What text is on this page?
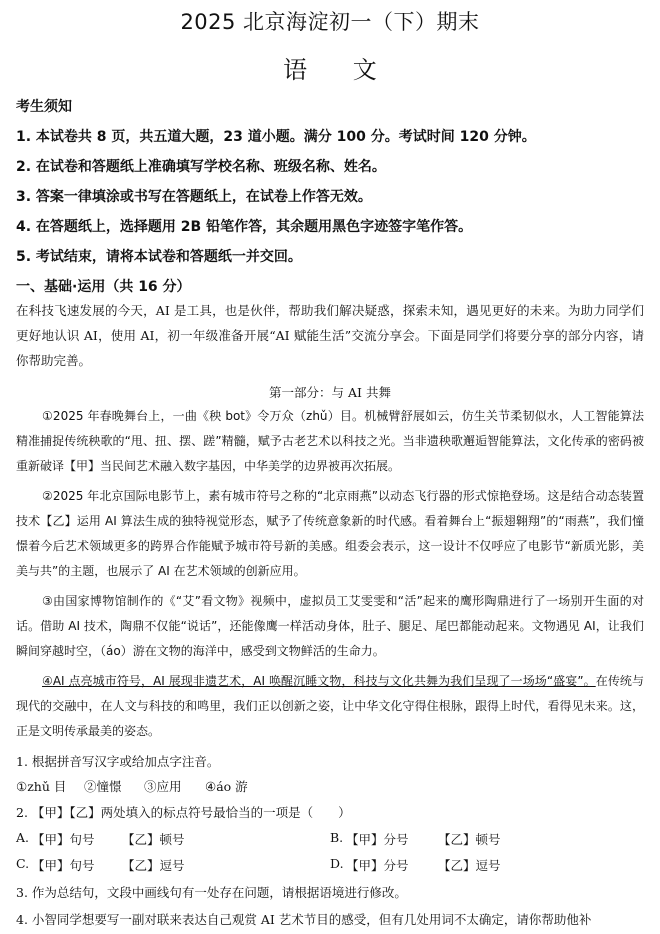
2025 北京海淀初一（下）期末
语 文
考生须知
1. 本试卷共 8 页，共五道大题，23 道小题。满分 100 分。考试时间 120 分钟。
2. 在试卷和答题纸上准确填写学校名称、班级名称、姓名。
3. 答案一律填涂或书写在答题纸上，在试卷上作答无效。
4. 在答题纸上，选择题用 2B 铅笔作答，其余题用黑色字迹签字笔作答。
5. 考试结束，请将本试卷和答题纸一并交回。
一、基础·运用（共 16 分）
在科技飞速发展的今天，AI 是工具，也是伙伴，帮助我们解决疑惑，探索未知，遇见更好的未来。为助力同学们更好地认识 AI，使用 AI，初一年级准备开展“AI 赋能生活”交流分享会。下面是同学们将要分享的部分内容，请你帮助完善。
第一部分：与 AI 共舞
①2025 年春晚舞台上，一曲《秧 bot》令万众（zhǔ）目。机械臂舒展如云，仿生关节柔韧似水，人工智能算法精准捕捉传统秧歌的“甩、扭、摆、蹉”精髓，赋予古老艺术以科技之光。当非遗秧歌邂逅智能算法，文化传承的密码被重新破译【甲】当民间艺术融入数字基因，中华美学的边界被再次拓展。
②2025 年北京国际电影节上，素有城市符号之称的“北京雨燕”以动态飞行器的形式惊艳登场。这是结合动态装置技术【乙】运用 AI 算法生成的独特视觉形态，赋予了传统意象新的时代感。看着舞台上“振翅翱翔”的“雨燕”，我们憧憬着今后艺术领域更多的跨界合作能赋予城市符号新的美感。组委会表示，这一设计不仅呼应了电影节“新质光影，美美与共”的主题，也展示了 AI 在艺术领域的创新应用。
③由国家博物馆制作的《“艾”看文物》视频中，虚拟员工艾雯雯和“活”起来的鹰形陶鼎进行了一场别开生面的对话。借助 AI 技术，陶鼎不仅能“说话”，还能像鹰一样活动身体，肚子、腿足、尾巴都能动起来。文物遇见 AI，让我们瞬间穿越时空，（áo）游在文物的海洋中，感受到文物鲜活的生命力。
④AI 点亮城市符号，AI 展现非遗艺术，AI 唤醒沉睡文物，科技与文化共舞为我们呈现了一场场“盛宴”。在传统与现代的交融中，在人文与科技的和鸣里，我们正以创新之姿，让中华文化守得住根脉，跟得上时代，看得见未来。这，正是文明传承最美的姿态。
1. 根据拼音写汉字或给加点字注音。
①zhǔ 目 ②憧憬 ③应用 ④áo 游
2. 【甲】【乙】两处填入的标点符号最恰当的一项是（　　）
A. 【甲】句号 【乙】顿号	B. 【甲】分号 【乙】顿号
C. 【甲】句号 【乙】逗号	D. 【甲】分号 【乙】逗号
3. 作为总结句，文段中画线句有一处存在问题，请根据语境进行修改。
4. 小智同学想要写一副对联来表达自己观赏 AI 艺术节目的感受，但有几处用词不太确定，请你帮助他补
